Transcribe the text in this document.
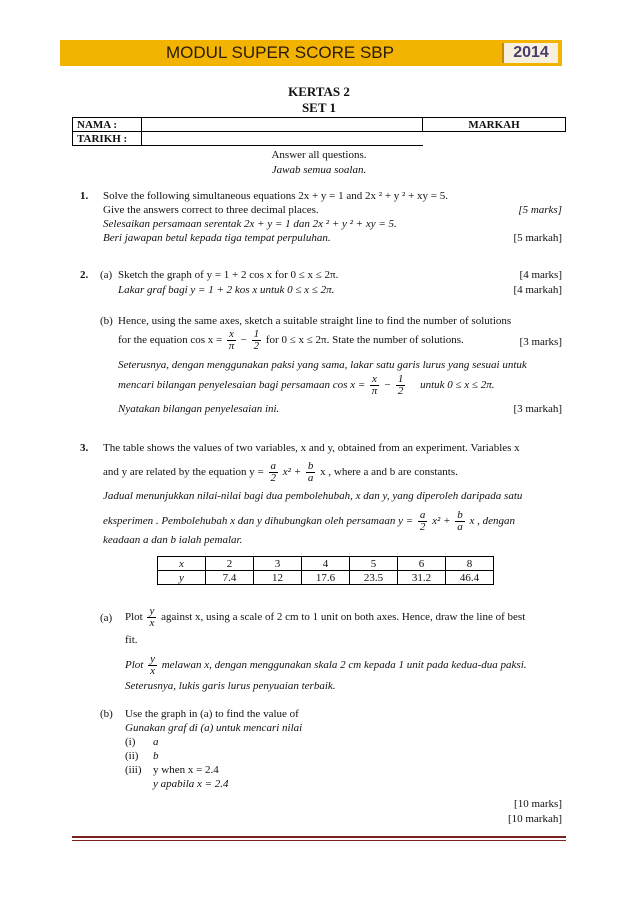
MODUL SUPER SCORE SBP	2014
KERTAS 2
SET 1
NAMA :		MARKAH
TARIKH :		
Answer all questions.
Jawab semua soalan.
1. Solve the following simultaneous equations 2x + y = 1 and 2x ² + y ² + xy = 5.
Give the answers correct to three decimal places.	[5 marks]
Selesaikan persamaan serentak 2x + y = 1 dan 2x ² + y ² + xy = 5.
Beri jawapan betul kepada tiga tempat perpuluhan.	[5 markah]
2. (a) Sketch the graph of y = 1 + 2 cos x for 0 ≤ x ≤ 2π.	[4 marks]
Lakar graf bagi y = 1 + 2 kos x untuk 0 ≤ x ≤ 2π.	[4 markah]
(b) Hence, using the same axes, sketch a suitable straight line to find the number of solutions
for the equation $\cos x = \frac{x}{\pi} - \frac{1}{2}$ for 0 ≤ x ≤ 2π. State the number of solutions.	[3 marks]
Seterusnya, dengan menggunakan paksi yang sama, lakar satu garis lurus yang sesuai untuk
mencari bilangan penyelesaian bagi persamaan $\cos x = \frac{x}{\pi} - \frac{1}{2}$ untuk 0 ≤ x ≤ 2π.
Nyatakan bilangan penyelesaian ini.	[3 markah]
3. The table shows the values of two variables, x and y, obtained from an experiment. Variables x
and y are related by the equation $y = \frac{a}{2} x^2 + \frac{b}{a}$ x , where a and b are constants.
Jadual menunjukkan nilai-nilai bagi dua pembolehubah, x dan y, yang diperoleh daripada satu
eksperimen . Pembolehubah x dan y dihubungkan oleh persamaan $y = \frac{a}{2} x^2 + \frac{b}{a}$ x , dengan
keadaan a dan b ialah pemalar.
x	2	3	4	5	6	8
y	7.4	12	17.6	23.5	31.2	46.4
(a) Plot $\frac{y}{x}$ against x, using a scale of 2 cm to 1 unit on both axes. Hence, draw the line of best
fit.
Plot $\frac{y}{x}$ melawan x, dengan menggunakan skala 2 cm kepada 1 unit pada kedua-dua paksi.
Seterusnya, lukis garis lurus penyuaian terbaik.
(b) Use the graph in (a) to find the value of
Gunakan graf di (a) untuk mencari nilai
(i) a
(ii) b
(iii) y when x = 2.4
y apabila x = 2.4
[10 marks]
[10 markah]
